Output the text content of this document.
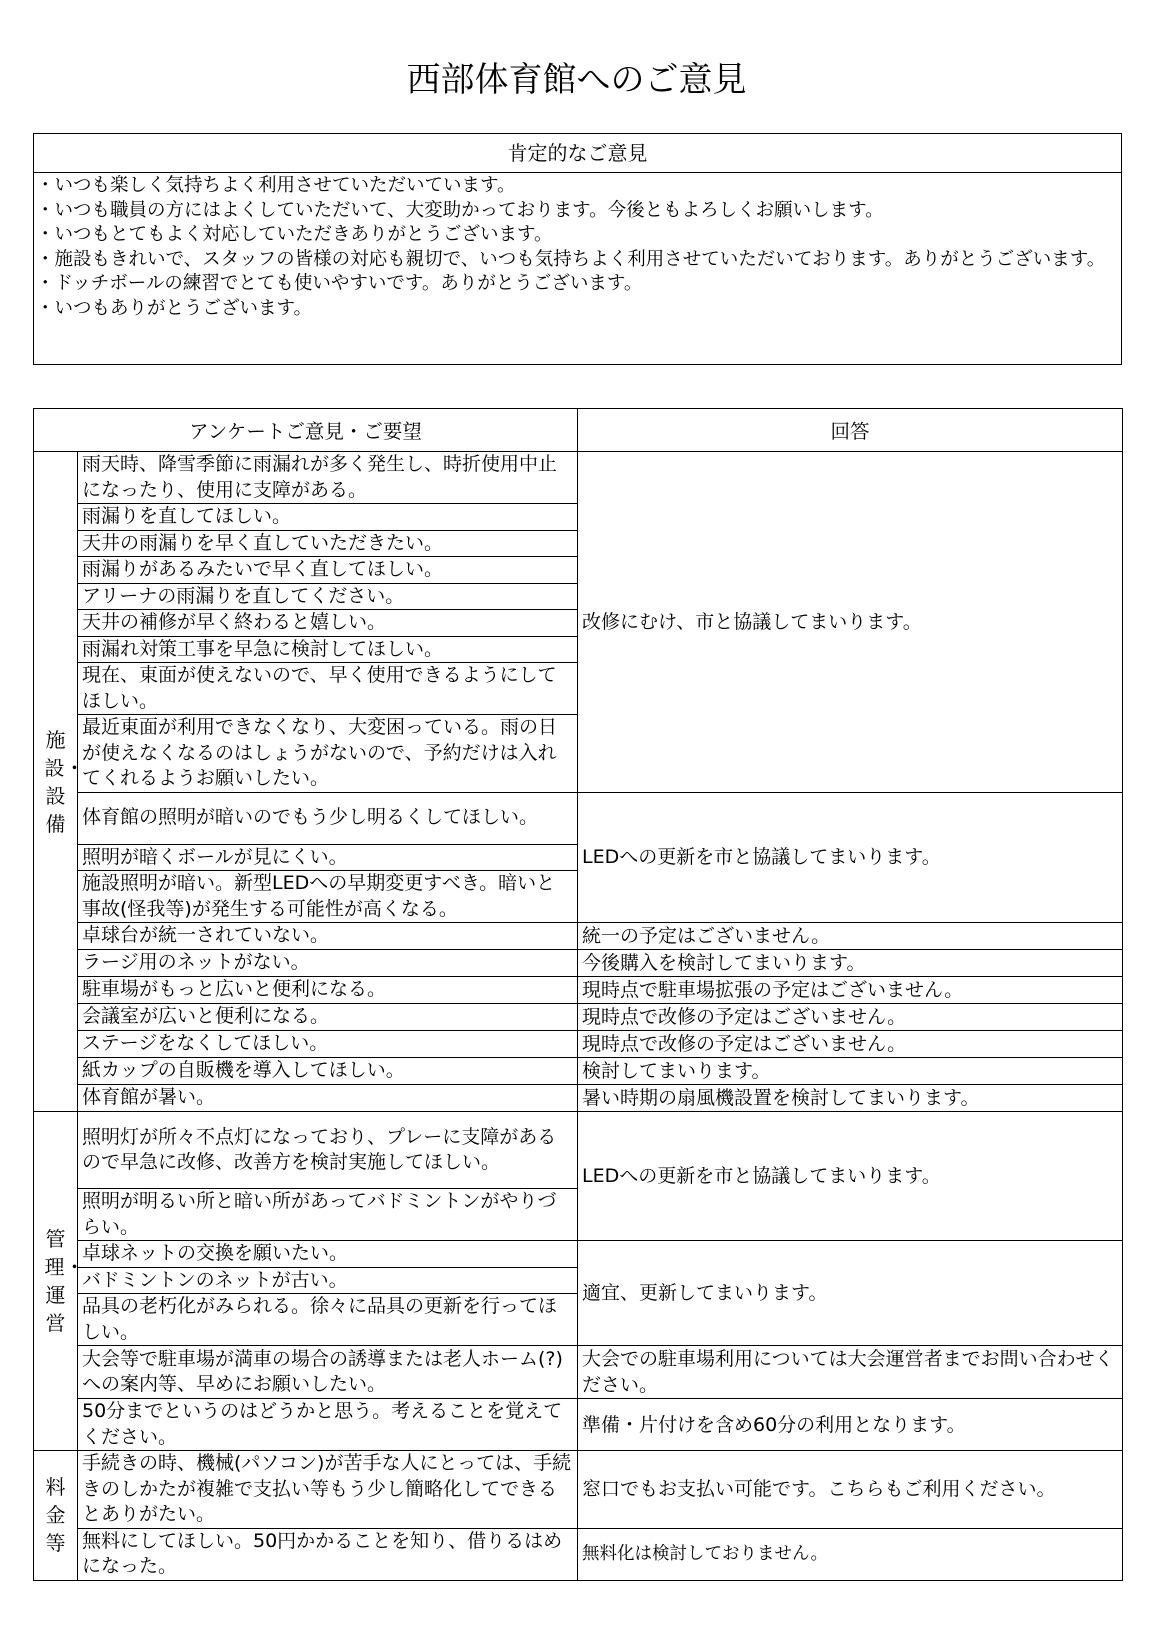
西部体育館へのご意見
肯定的なご意見
・いつも楽しく気持ちよく利用させていただいています。
・いつも職員の方にはよくしていただいて、大変助かっております。今後ともよろしくお願いします。
・いつもとてもよく対応していただきありがとうございます。
・施設もきれいで、スタッフの皆様の対応も親切で、いつも気持ちよく利用させていただいております。ありがとうございます。
・ドッチボールの練習でとても使いやすいです。ありがとうございます。
・いつもありがとうございます。
アンケートご意見・ご要望		回答
施設・設備	雨天時、降雪季節に雨漏れが多く発生し、時折使用中止になったり、使用に支障がある。	改修にむけ、市と協議してまいります。
	雨漏りを直してほしい。	
	天井の雨漏りを早く直していただきたい。	
	雨漏りがあるみたいで早く直してほしい。	
	アリーナの雨漏りを直してください。	
	天井の補修が早く終わると嬉しい。	
	雨漏れ対策工事を早急に検討してほしい。	
	現在、東面が使えないので、早く使用できるようにしてほしい。	
	最近東面が利用できなくなり、大変困っている。雨の日が使えなくなるのはしょうがないので、予約だけは入れてくれるようお願いしたい。	
	体育館の照明が暗いのでもう少し明るくしてほしい。	LEDへの更新を市と協議してまいります。
	照明が暗くボールが見にくい。	
	施設照明が暗い。新型LEDへの早期変更すべき。暗いと事故(怪我等)が発生する可能性が高くなる。	
	卓球台が統一されていない。	統一の予定はございません。
	ラージ用のネットがない。	今後購入を検討してまいります。
	駐車場がもっと広いと便利になる。	現時点で駐車場拡張の予定はございません。
	会議室が広いと便利になる。	現時点で改修の予定はございません。
	ステージをなくしてほしい。	現時点で改修の予定はございません。
	紙カップの自販機を導入してほしい。	検討してまいります。
	体育館が暑い。	暑い時期の扇風機設置を検討してまいります。
管理・運営	照明灯が所々不点灯になっており、プレーに支障があるので早急に改修、改善方を検討実施してほしい。	LEDへの更新を市と協議してまいります。
	照明が明るい所と暗い所があってバドミントンがやりづらい。	
	卓球ネットの交換を願いたい。	適宜、更新してまいります。
	バドミントンのネットが古い。	
	品具の老朽化がみられる。徐々に品具の更新を行ってほしい。	
	大会等で駐車場が満車の場合の誘導または老人ホーム(?)への案内等、早めにお願いしたい。	大会での駐車場利用については大会運営者までお問い合わせください。
	50分までというのはどうかと思う。考えることを覚えてください。	準備・片付けを含め60分の利用となります。
料金等	手続きの時、機械(パソコン)が苦手な人にとっては、手続きのしかたが複雑で支払い等もう少し簡略化してできるとありがたい。	窓口でもお支払い可能です。こちらもご利用ください。
	無料にしてほしい。50円かかることを知り、借りるはめになった。	無料化は検討しておりません。
